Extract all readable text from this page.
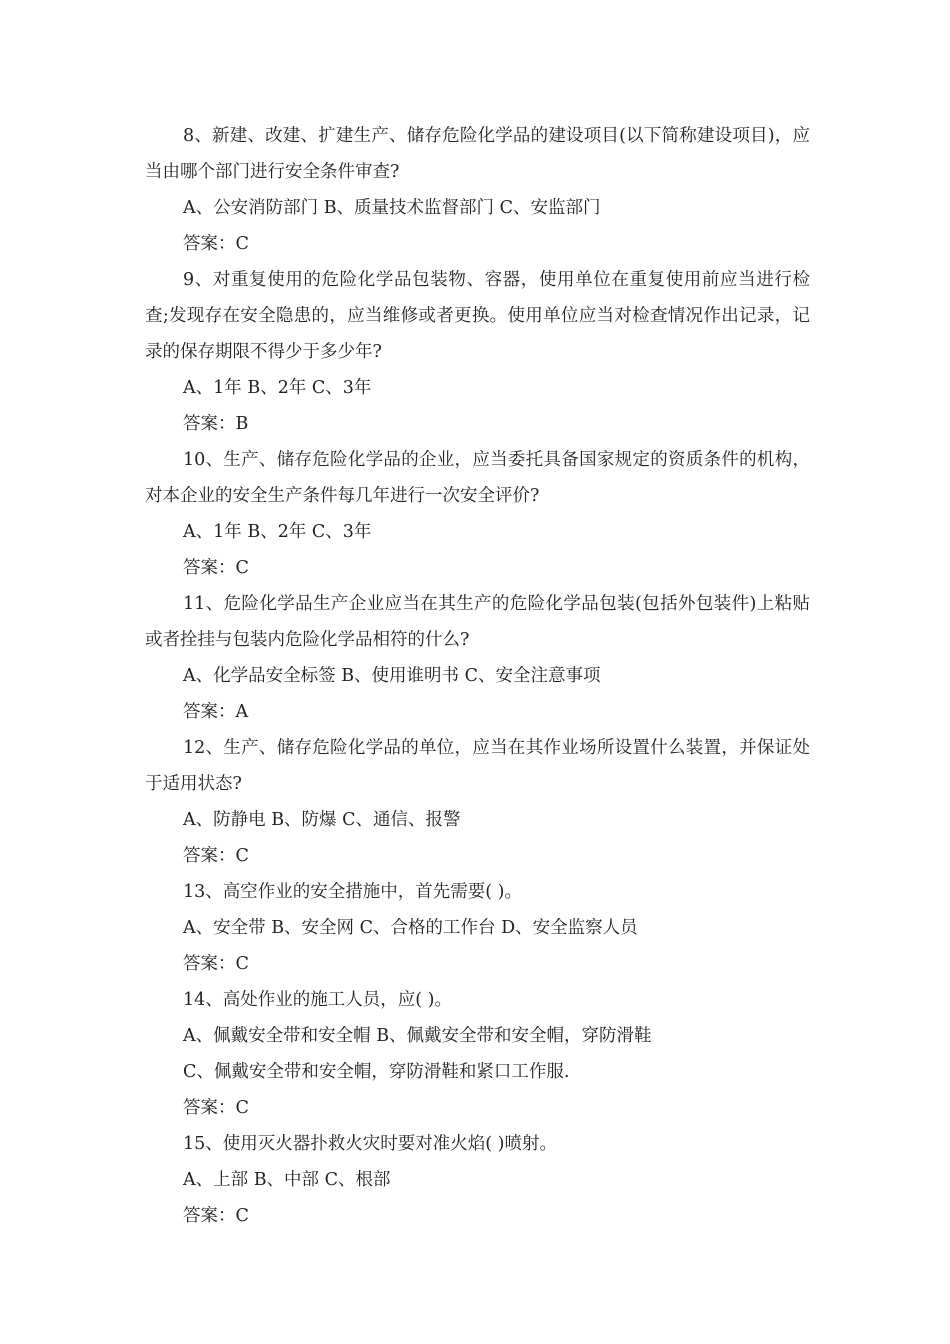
8、新建、改建、扩建生产、储存危险化学品的建设项目(以下简称建设项目)，应当由哪个部门进行安全条件审查?

A、公安消防部门 B、质量技术监督部门 C、安监部门

答案：C

9、对重复使用的危险化学品包装物、容器，使用单位在重复使用前应当进行检查;发现存在安全隐患的，应当维修或者更换。使用单位应当对检查情况作出记录，记录的保存期限不得少于多少年?

A、1年 B、2年 C、3年

答案：B

10、生产、储存危险化学品的企业，应当委托具备国家规定的资质条件的机构，对本企业的安全生产条件每几年进行一次安全评价?

A、1年 B、2年 C、3年

答案：C

11、危险化学品生产企业应当在其生产的危险化学品包装(包括外包装件)上粘贴或者拴挂与包装内危险化学品相符的什么?

A、化学品安全标签 B、使用谁明书 C、安全注意事项

答案：A

12、生产、储存危险化学品的单位，应当在其作业场所设置什么装置，并保证处于适用状态?

A、防静电 B、防爆 C、通信、报警

答案：C

13、高空作业的安全措施中，首先需要( )。

A、安全带 B、安全网 C、合格的工作台 D、安全监察人员

答案：C

14、高处作业的施工人员，应( )。

A、佩戴安全带和安全帽 B、佩戴安全带和安全帽，穿防滑鞋

C、佩戴安全带和安全帽，穿防滑鞋和紧口工作服.

答案：C

15、使用灭火器扑救火灾时要对准火焰( )喷射。

A、上部 B、中部 C、根部

答案：C
